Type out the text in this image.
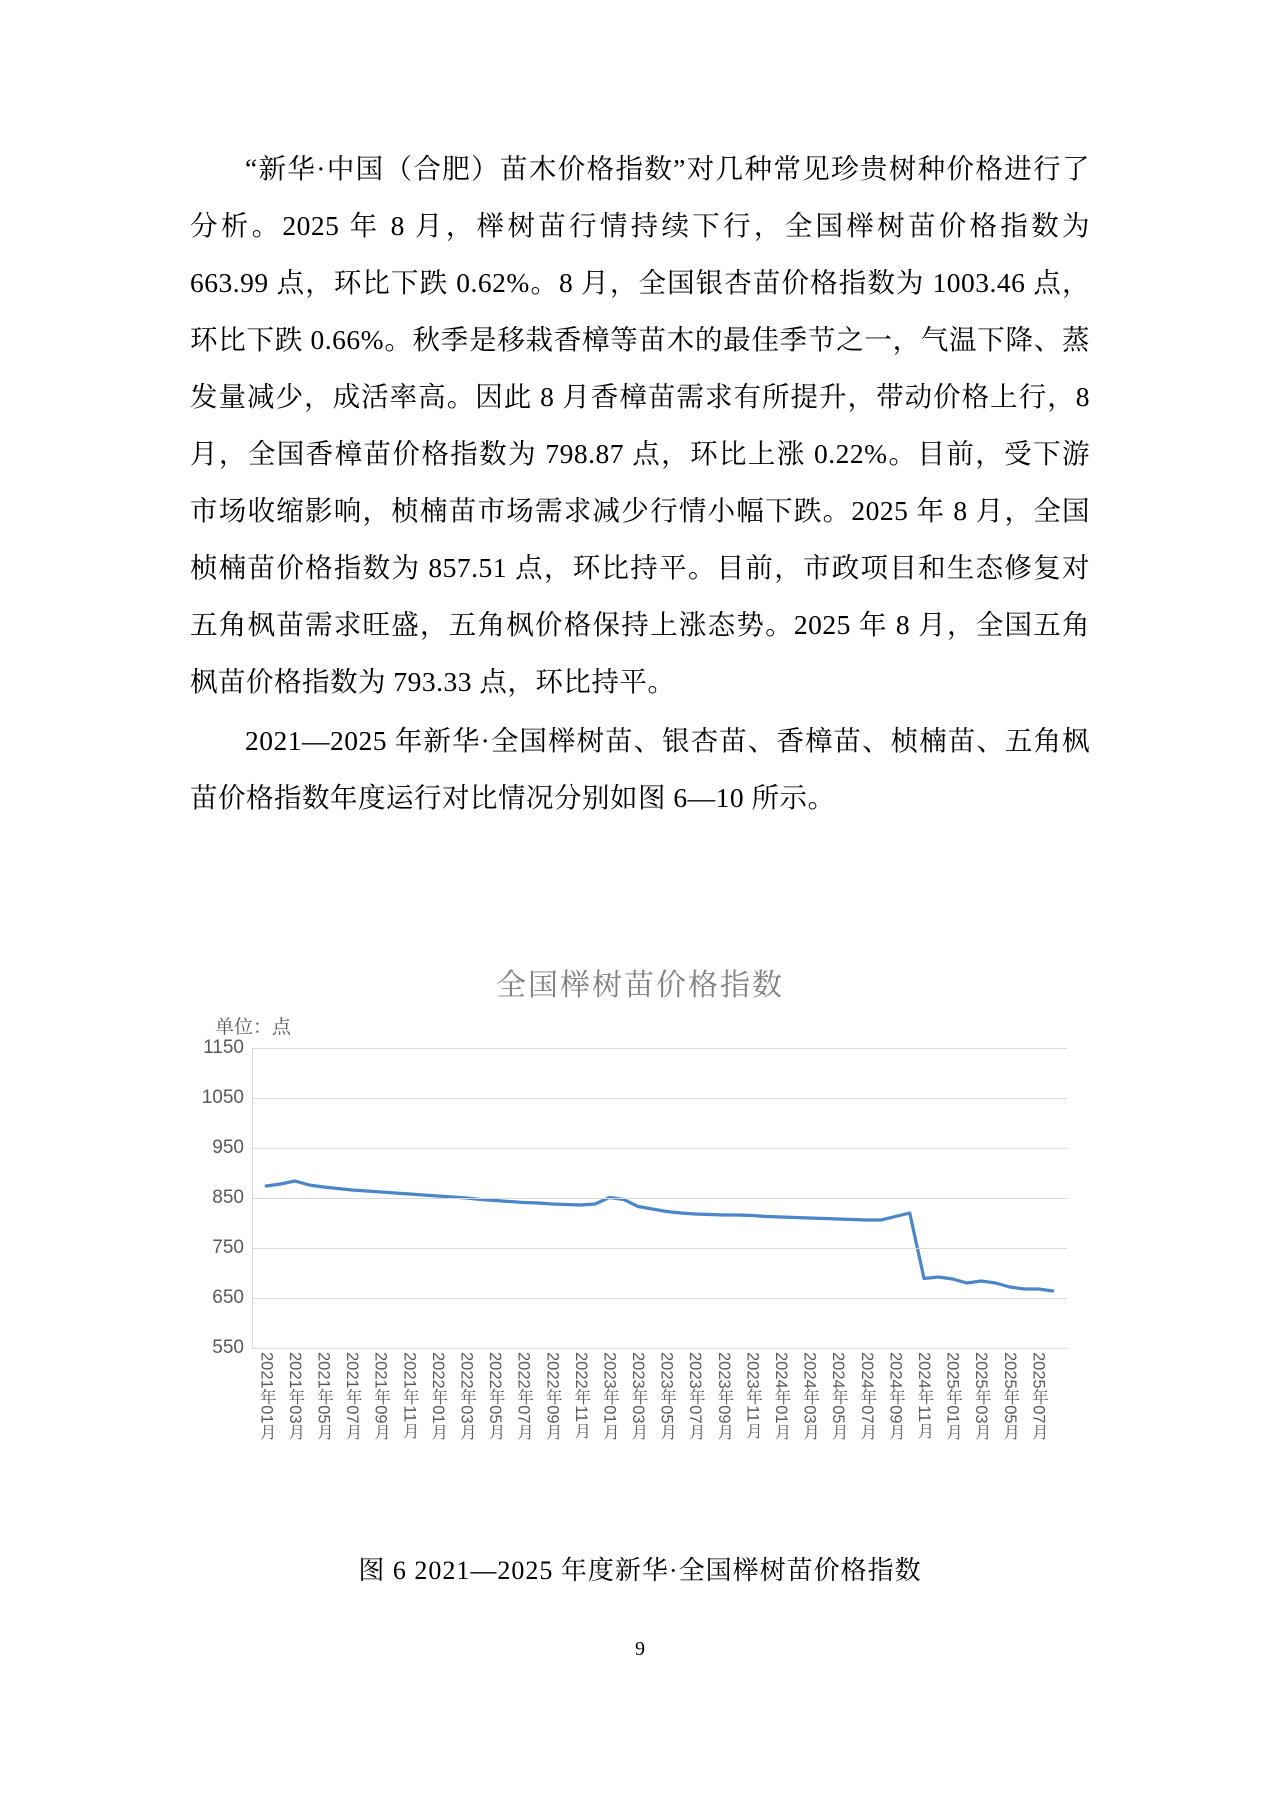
“新华·中国（合肥）苗木价格指数”对几种常见珍贵树种价格进行了分析。2025 年 8 月，榉树苗行情持续下行，全国榉树苗价格指数为 663.99 点，环比下跌 0.62%。8 月，全国银杏苗价格指数为 1003.46 点，环比下跌 0.66%。秋季是移栽香樟等苗木的最佳季节之一，气温下降、蒸发量减少，成活率高。因此 8 月香樟苗需求有所提升，带动价格上行，8 月，全国香樟苗价格指数为 798.87 点，环比上涨 0.22%。目前，受下游市场收缩影响，桢楠苗市场需求减少行情小幅下跌。2025 年 8 月，全国桢楠苗价格指数为 857.51 点，环比持平。目前，市政项目和生态修复对五角枫苗需求旺盛，五角枫价格保持上涨态势。2025 年 8 月，全国五角枫苗价格指数为 793.33 点，环比持平。

2021—2025 年新华·全国榉树苗、银杏苗、香樟苗、桢楠苗、五角枫苗价格指数年度运行对比情况分别如图 6—10 所示。

全国榉树苗价格指数
单位：点
550
650
750
850
950
1050
1150
2021年01月 2021年03月 2021年05月 2021年07月 2021年09月 2021年11月 2022年01月 2022年03月 2022年05月 2022年07月 2022年09月 2022年11月 2023年01月 2023年03月 2023年05月 2023年07月 2023年09月 2023年11月 2024年01月 2024年03月 2024年05月 2024年07月 2024年09月 2024年11月 2025年01月 2025年03月 2025年05月 2025年07月
图 6 2021—2025 年度新华·全国榉树苗价格指数
9
